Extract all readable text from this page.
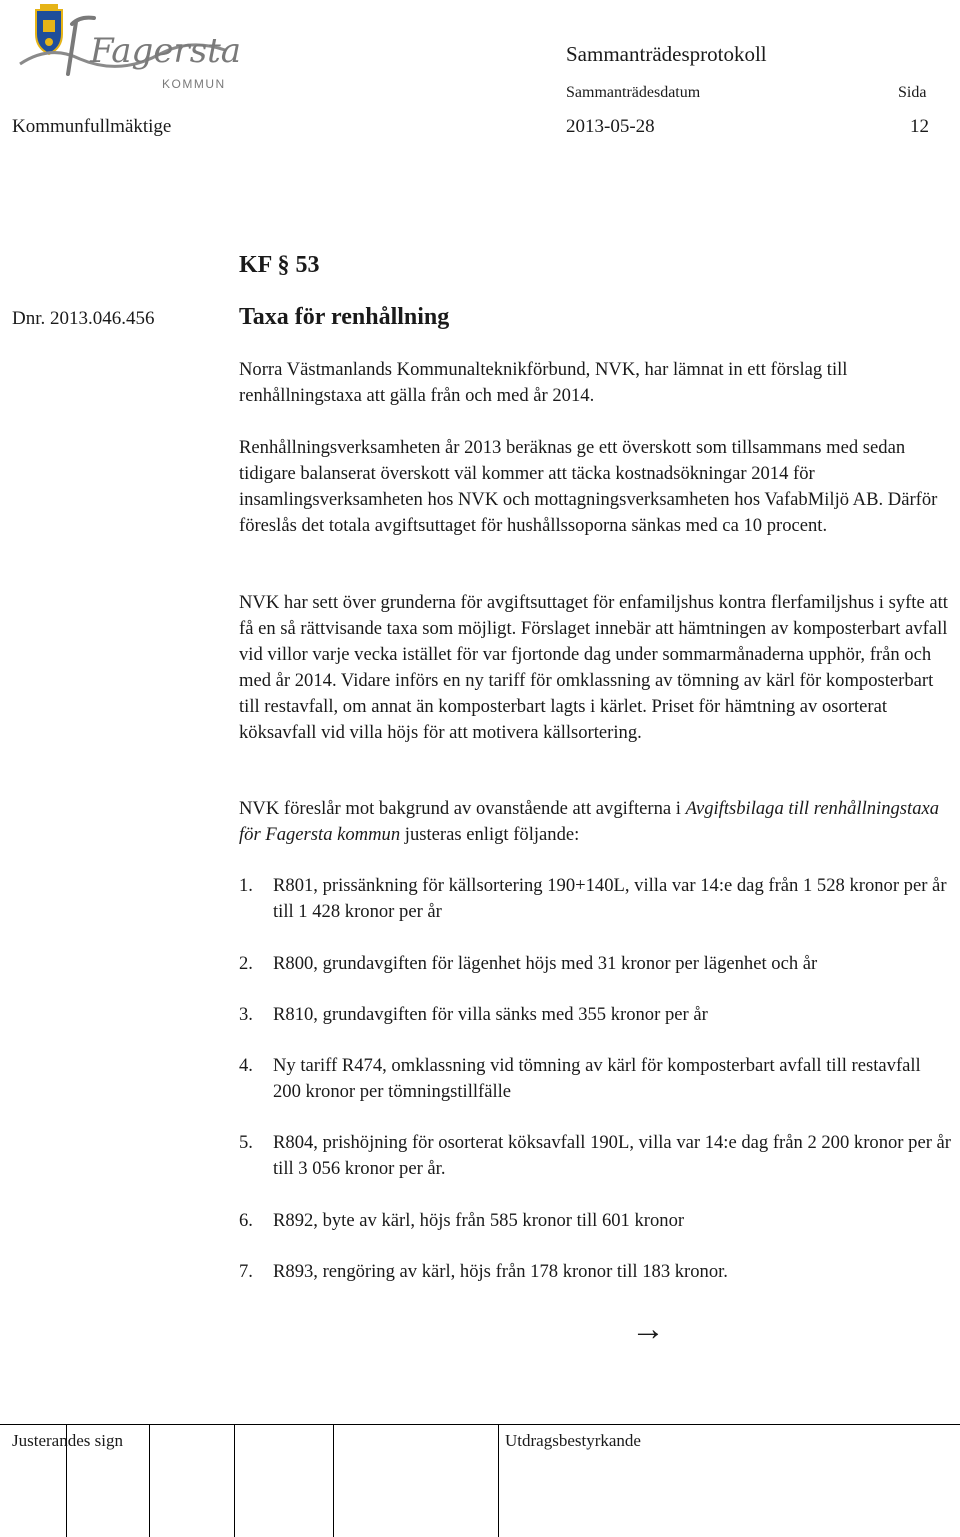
Fagersta
KOMMUN
Sammanträdesprotokoll
Sammanträdesdatum	Sida
Kommunfullmäktige	2013-05-28	12
KF § 53
Dnr. 2013.046.456	Taxa för renhållning

Norra Västmanlands Kommunalteknikförbund, NVK, har lämnat in ett förslag till renhållningstaxa att gälla från och med år 2014.

Renhållningsverksamheten år 2013 beräknas ge ett överskott som tillsammans med sedan tidigare balanserat överskott väl kommer att täcka kostnadsökningar 2014 för insamlingsverksamheten hos NVK och mottagningsverksamheten hos VafabMiljö AB. Därför föreslås det totala avgiftsuttaget för hushållssoporna sänkas med ca 10 procent.

NVK har sett över grunderna för avgiftsuttaget för enfamiljshus kontra flerfamiljshus i syfte att få en så rättvisande taxa som möjligt. Förslaget innebär att hämtningen av komposterbart avfall vid villor varje vecka istället för var fjortonde dag under sommarmånaderna upphör, från och med år 2014. Vidare införs en ny tariff för omklassning av tömning av kärl för komposterbart till restavfall, om annat än komposterbart lagts i kärlet. Priset för hämtning av osorterat köksavfall vid villa höjs för att motivera källsortering.

NVK föreslår mot bakgrund av ovanstående att avgifterna i Avgiftsbilaga till renhållningstaxa för Fagersta kommun justeras enligt följande:

1. R801, prissänkning för källsortering 190+140L, villa var 14:e dag från 1 528 kronor per år till 1 428 kronor per år
2. R800, grundavgiften för lägenhet höjs med 31 kronor per lägenhet och år
3. R810, grundavgiften för villa sänks med 355 kronor per år
4. Ny tariff R474, omklassning vid tömning av kärl för komposterbart avfall till restavfall 200 kronor per tömningstillfälle
5. R804, prishöjning för osorterat köksavfall 190L, villa var 14:e dag från 2 200 kronor per år till 3 056 kronor per år.
6. R892, byte av kärl, höjs från 585 kronor till 601 kronor
7. R893, rengöring av kärl, höjs från 178 kronor till 183 kronor.
→
Justerandes sign	Utdragsbestyrkande
